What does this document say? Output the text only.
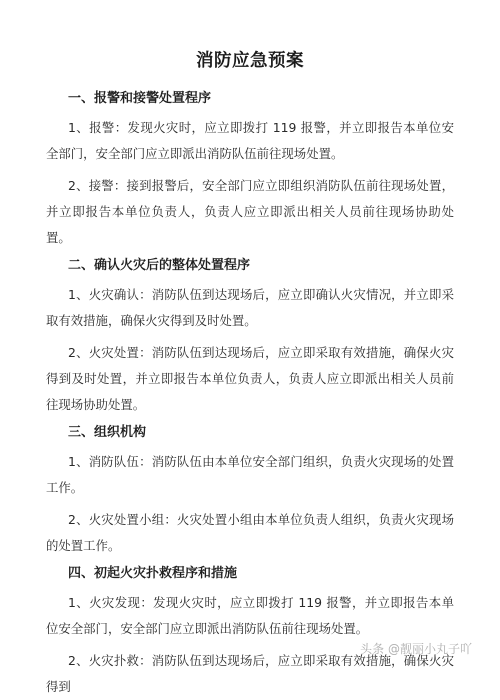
消防应急预案
一、报警和接警处置程序

1、报警：发现火灾时，应立即拨打 119 报警，并立即报告本单位安全部门，安全部门应立即派出消防队伍前往现场处置。

2、接警：接到报警后，安全部门应立即组织消防队伍前往现场处置，并立即报告本单位负责人，负责人应立即派出相关人员前往现场协助处置。

二、确认火灾后的整体处置程序

1、火灾确认：消防队伍到达现场后，应立即确认火灾情况，并立即采取有效措施，确保火灾得到及时处置。

2、火灾处置：消防队伍到达现场后，应立即采取有效措施，确保火灾得到及时处置，并立即报告本单位负责人，负责人应立即派出相关人员前往现场协助处置。

三、组织机构

1、消防队伍：消防队伍由本单位安全部门组织，负责火灾现场的处置工作。

2、火灾处置小组：火灾处置小组由本单位负责人组织，负责火灾现场的处置工作。

四、初起火灾扑救程序和措施

1、火灾发现：发现火灾时，应立即拨打 119 报警，并立即报告本单位安全部门，安全部门应立即派出消防队伍前往现场处置。

2、火灾扑救：消防队伍到达现场后，应立即采取有效措施，确保火灾得到

头条 @靓丽小丸子吖
